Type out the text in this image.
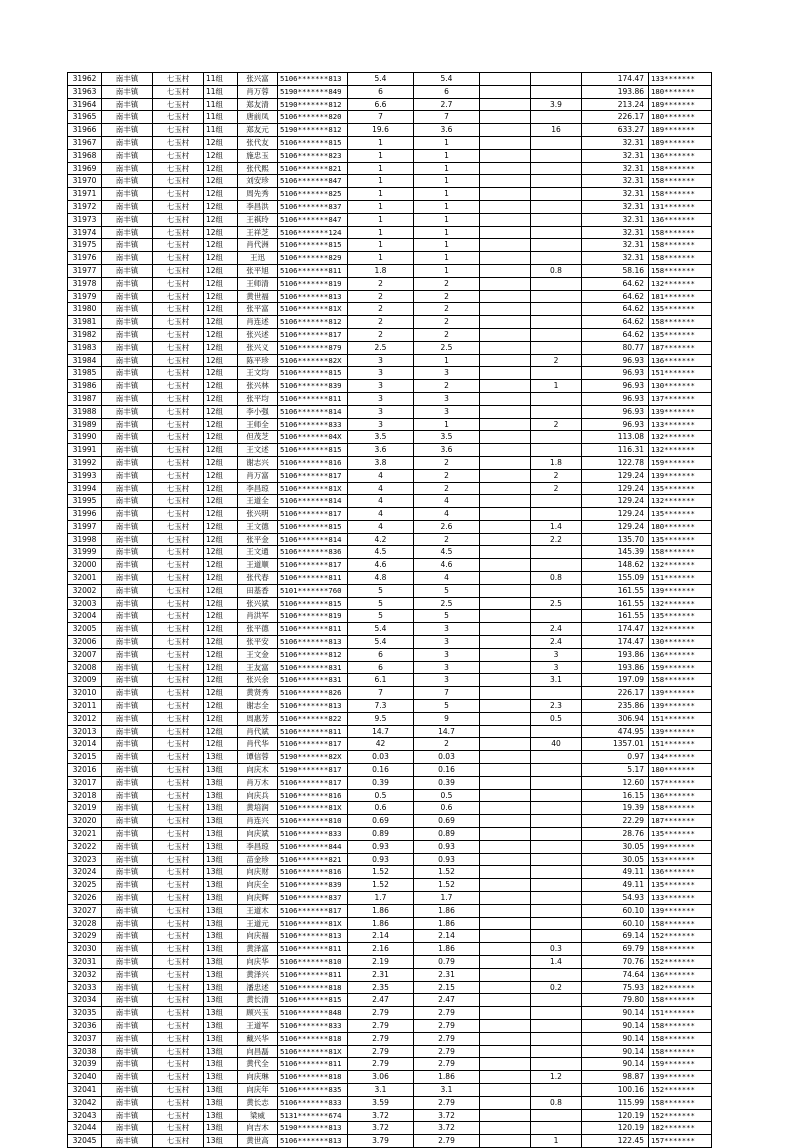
31962	南丰镇	七玉村	11组	张兴富	5106*******813	5.4	5.4			174.47	133*******
31963	南丰镇	七玉村	11组	肖万蓉	5190*******849	6	6			193.86	180*******
31964	南丰镇	七玉村	11组	郑友清	5190*******812	6.6	2.7		3.9	213.24	189*******
31965	南丰镇	七玉村	11组	唐前凤	5106*******820	7	7			226.17	180*******
31966	南丰镇	七玉村	11组	郑友元	5190*******812	19.6	3.6		16	633.27	189*******
31967	南丰镇	七玉村	12组	张代友	5106*******815	1	1			32.31	189*******
31968	南丰镇	七玉村	12组	施忠玉	5106*******823	1	1			32.31	136*******
31969	南丰镇	七玉村	12组	张代熙	5106*******821	1	1			32.31	158*******
31970	南丰镇	七玉村	12组	刘安珍	5106*******847	1	1			32.31	158*******
31971	南丰镇	七玉村	12组	周先秀	5106*******825	1	1			32.31	158*******
31972	南丰镇	七玉村	12组	李昌洪	5106*******837	1	1			32.31	131*******
31973	南丰镇	七玉村	12组	王祺玲	5106*******847	1	1			32.31	136*******
31974	南丰镇	七玉村	12组	王祥芝	5106*******124	1	1			32.31	158*******
31975	南丰镇	七玉村	12组	肖代洲	5106*******815	1	1			32.31	158*******
31976	南丰镇	七玉村	12组	王迅	5106*******829	1	1			32.31	158*******
31977	南丰镇	七玉村	12组	张平旭	5106*******811	1.8	1		0.8	58.16	158*******
31978	南丰镇	七玉村	12组	王师清	5106*******819	2	2			64.62	132*******
31979	南丰镇	七玉村	12组	黄世福	5106*******813	2	2			64.62	181*******
31980	南丰镇	七玉村	12组	张平富	5106*******81X	2	2			64.62	135*******
31981	南丰镇	七玉村	12组	肖连述	5106*******812	2	2			64.62	158*******
31982	南丰镇	七玉村	12组	张兴述	5106*******817	2	2			64.62	135*******
31983	南丰镇	七玉村	12组	张兴义	5106*******879	2.5	2.5			80.77	187*******
31984	南丰镇	七玉村	12组	陈平珍	5106*******82X	3	1		2	96.93	136*******
31985	南丰镇	七玉村	12组	王文均	5106*******815	3	3			96.93	151*******
31986	南丰镇	七玉村	12组	张兴林	5106*******839	3	2		1	96.93	130*******
31987	南丰镇	七玉村	12组	张平均	5106*******811	3	3			96.93	137*******
31988	南丰镇	七玉村	12组	李小强	5106*******814	3	3			96.93	139*******
31989	南丰镇	七玉村	12组	王师全	5106*******833	3	1		2	96.93	133*******
31990	南丰镇	七玉村	12组	但茂芝	5106*******04X	3.5	3.5			113.08	132*******
31991	南丰镇	七玉村	12组	王文述	5106*******815	3.6	3.6			116.31	132*******
31992	南丰镇	七玉村	12组	谢志兴	5106*******816	3.8	2		1.8	122.78	159*******
31993	南丰镇	七玉村	12组	肖万富	5106*******817	4	2		2	129.24	139*******
31994	南丰镇	七玉村	12组	李昌琼	5106*******81X	4	2		2	129.24	135*******
31995	南丰镇	七玉村	12组	王道全	5106*******814	4	4			129.24	132*******
31996	南丰镇	七玉村	12组	张兴明	5106*******817	4	4			129.24	135*******
31997	南丰镇	七玉村	12组	王文德	5106*******815	4	2.6		1.4	129.24	180*******
31998	南丰镇	七玉村	12组	张平金	5106*******814	4.2	2		2.2	135.70	135*******
31999	南丰镇	七玉村	12组	王文通	5106*******836	4.5	4.5			145.39	158*******
32000	南丰镇	七玉村	12组	王道顺	5106*******817	4.6	4.6			148.62	132*******
32001	南丰镇	七玉村	12组	张代春	5106*******811	4.8	4		0.8	155.09	151*******
32002	南丰镇	七玉村	12组	田基香	5101*******760	5	5			161.55	139*******
32003	南丰镇	七玉村	12组	张兴斌	5106*******815	5	2.5		2.5	161.55	132*******
32004	南丰镇	七玉村	12组	肖洪军	5106*******819	5	5			161.55	135*******
32005	南丰镇	七玉村	12组	张平德	5106*******811	5.4	3		2.4	174.47	132*******
32006	南丰镇	七玉村	12组	张平安	5106*******813	5.4	3		2.4	174.47	130*******
32007	南丰镇	七玉村	12组	王文金	5106*******812	6	3		3	193.86	136*******
32008	南丰镇	七玉村	12组	王友富	5106*******831	6	3		3	193.86	159*******
32009	南丰镇	七玉村	12组	张兴余	5106*******831	6.1	3		3.1	197.09	158*******
32010	南丰镇	七玉村	12组	黄贤秀	5106*******826	7	7			226.17	139*******
32011	南丰镇	七玉村	12组	谢志全	5106*******813	7.3	5		2.3	235.86	139*******
32012	南丰镇	七玉村	12组	周惠芳	5106*******822	9.5	9		0.5	306.94	151*******
32013	南丰镇	七玉村	12组	肖代斌	5106*******811	14.7	14.7			474.95	139*******
32014	南丰镇	七玉村	12组	肖代华	5106*******817	42	2		40	1357.01	151*******
32015	南丰镇	七玉村	13组	谭信蓉	5190*******82X	0.03	0.03			0.97	134*******
32016	南丰镇	七玉村	13组	向庆木	5190*******817	0.16	0.16			5.17	180*******
32017	南丰镇	七玉村	13组	肖万木	5106*******817	0.39	0.39			12.60	157*******
32018	南丰镇	七玉村	13组	向庆兵	5106*******816	0.5	0.5			16.15	136*******
32019	南丰镇	七玉村	13组	黄培润	5106*******81X	0.6	0.6			19.39	158*******
32020	南丰镇	七玉村	13组	肖连兴	5106*******810	0.69	0.69			22.29	187*******
32021	南丰镇	七玉村	13组	向庆斌	5106*******833	0.89	0.89			28.76	135*******
32022	南丰镇	七玉村	13组	李昌琼	5106*******844	0.93	0.93			30.05	199*******
32023	南丰镇	七玉村	13组	苗金珍	5106*******821	0.93	0.93			30.05	153*******
32024	南丰镇	七玉村	13组	向庆财	5106*******816	1.52	1.52			49.11	136*******
32025	南丰镇	七玉村	13组	向庆全	5106*******839	1.52	1.52			49.11	135*******
32026	南丰镇	七玉村	13组	向庆辉	5106*******837	1.7	1.7			54.93	133*******
32027	南丰镇	七玉村	13组	王道木	5106*******817	1.86	1.86			60.10	139*******
32028	南丰镇	七玉村	13组	王道元	5106*******81X	1.86	1.86			60.10	158*******
32029	南丰镇	七玉村	13组	向庆福	5106*******813	2.14	2.14			69.14	152*******
32030	南丰镇	七玉村	13组	黄泽富	5106*******811	2.16	1.86		0.3	69.79	158*******
32031	南丰镇	七玉村	13组	向庆华	5106*******810	2.19	0.79		1.4	70.76	152*******
32032	南丰镇	七玉村	13组	黄泽兴	5106*******811	2.31	2.31			74.64	136*******
32033	南丰镇	七玉村	13组	潘忠述	5106*******818	2.35	2.15		0.2	75.93	182*******
32034	南丰镇	七玉村	13组	黄长清	5106*******815	2.47	2.47			79.80	158*******
32035	南丰镇	七玉村	13组	顾兴玉	5106*******848	2.79	2.79			90.14	151*******
32036	南丰镇	七玉村	13组	王道军	5106*******833	2.79	2.79			90.14	158*******
32037	南丰镇	七玉村	13组	戴兴华	5106*******818	2.79	2.79			90.14	158*******
32038	南丰镇	七玉村	13组	向昌磊	5106*******81X	2.79	2.79			90.14	158*******
32039	南丰镇	七玉村	13组	黄代全	5106*******811	2.79	2.79			90.14	159*******
32040	南丰镇	七玉村	13组	向庆琳	5106*******818	3.06	1.86		1.2	98.87	139*******
32041	南丰镇	七玉村	13组	向庆年	5106*******835	3.1	3.1			100.16	152*******
32042	南丰镇	七玉村	13组	黄长志	5106*******833	3.59	2.79		0.8	115.99	158*******
32043	南丰镇	七玉村	13组	梁威	5131*******674	3.72	3.72			120.19	152*******
32044	南丰镇	七玉村	13组	向吉木	5190*******813	3.72	3.72			120.19	182*******
32045	南丰镇	七玉村	13组	黄世高	5106*******813	3.79	2.79		1	122.45	157*******
